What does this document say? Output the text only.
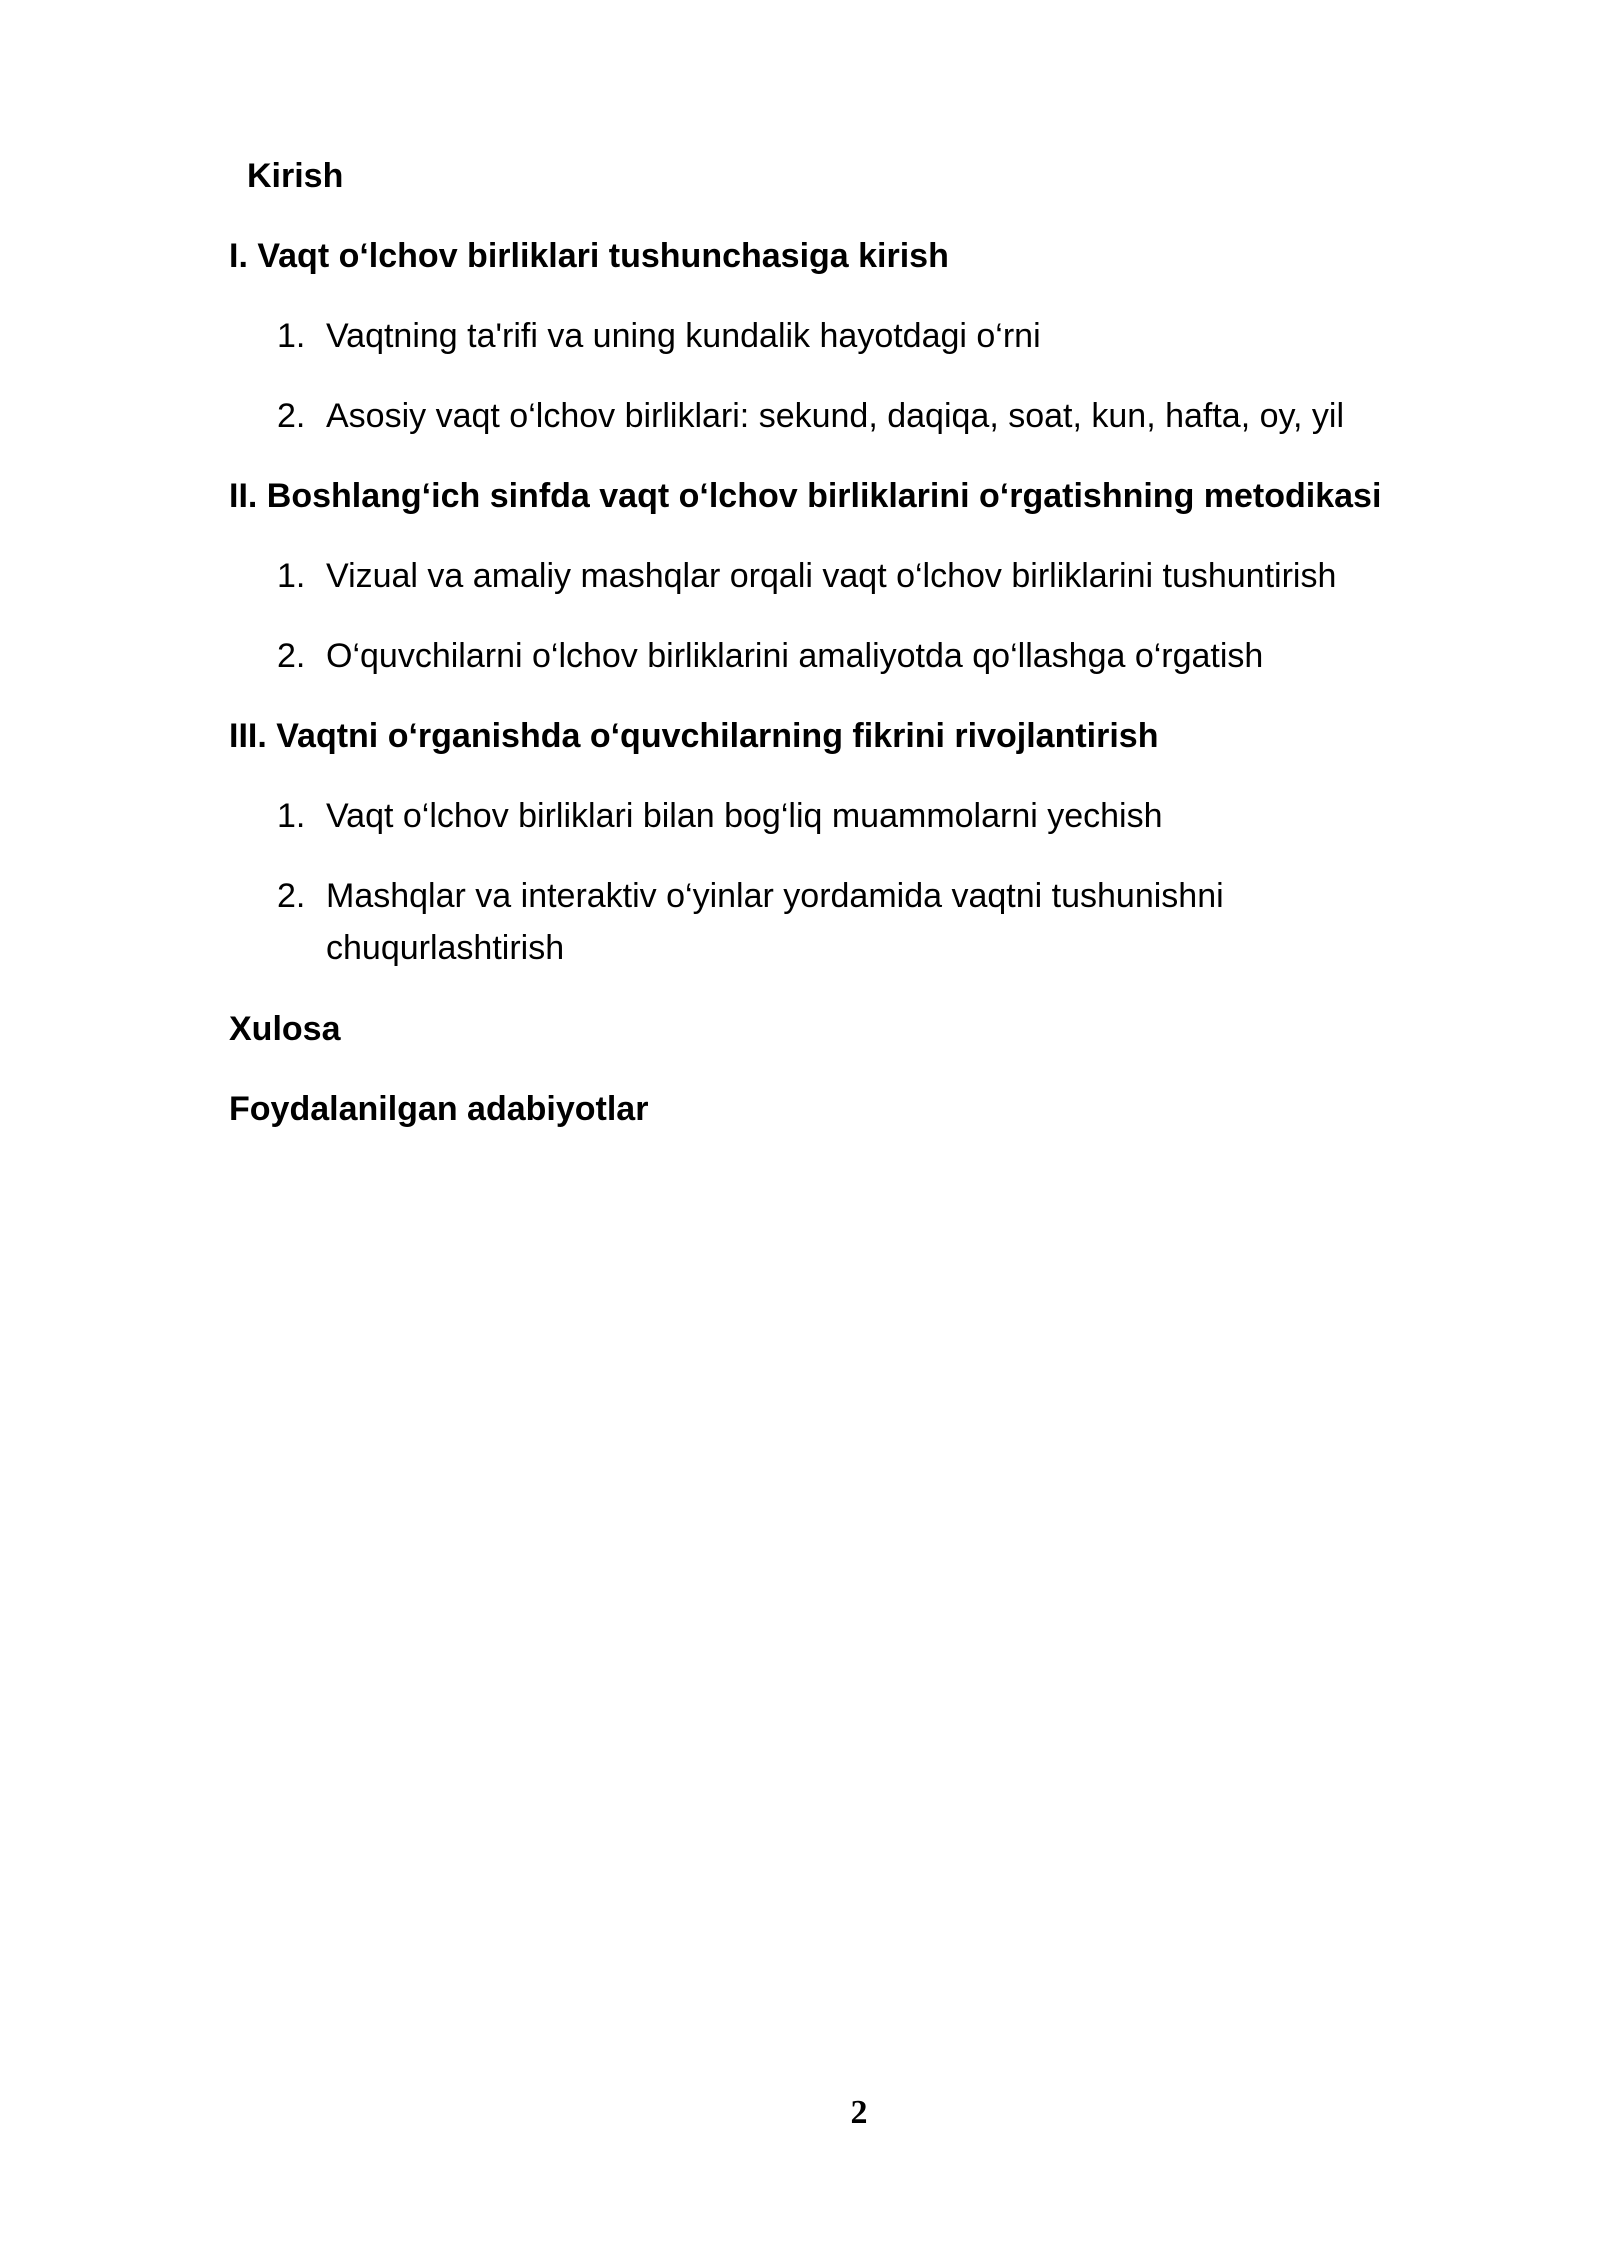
Kirish
I. Vaqt o‘lchov birliklari tushunchasiga kirish
1. Vaqtning ta'rifi va uning kundalik hayotdagi o‘rni
2. Asosiy vaqt o‘lchov birliklari: sekund, daqiqa, soat, kun, hafta, oy, yil
II. Boshlang‘ich sinfda vaqt o‘lchov birliklarini o‘rgatishning metodikasi
1. Vizual va amaliy mashqlar orqali vaqt o‘lchov birliklarini tushuntirish
2. O‘quvchilarni o‘lchov birliklarini amaliyotda qo‘llashga o‘rgatish
III. Vaqtni o‘rganishda o‘quvchilarning fikrini rivojlantirish
1. Vaqt o‘lchov birliklari bilan bog‘liq muammolarni yechish
2. Mashqlar va interaktiv o‘yinlar yordamida vaqtni tushunishni chuqurlashtirish
Xulosa
Foydalanilgan adabiyotlar
2
